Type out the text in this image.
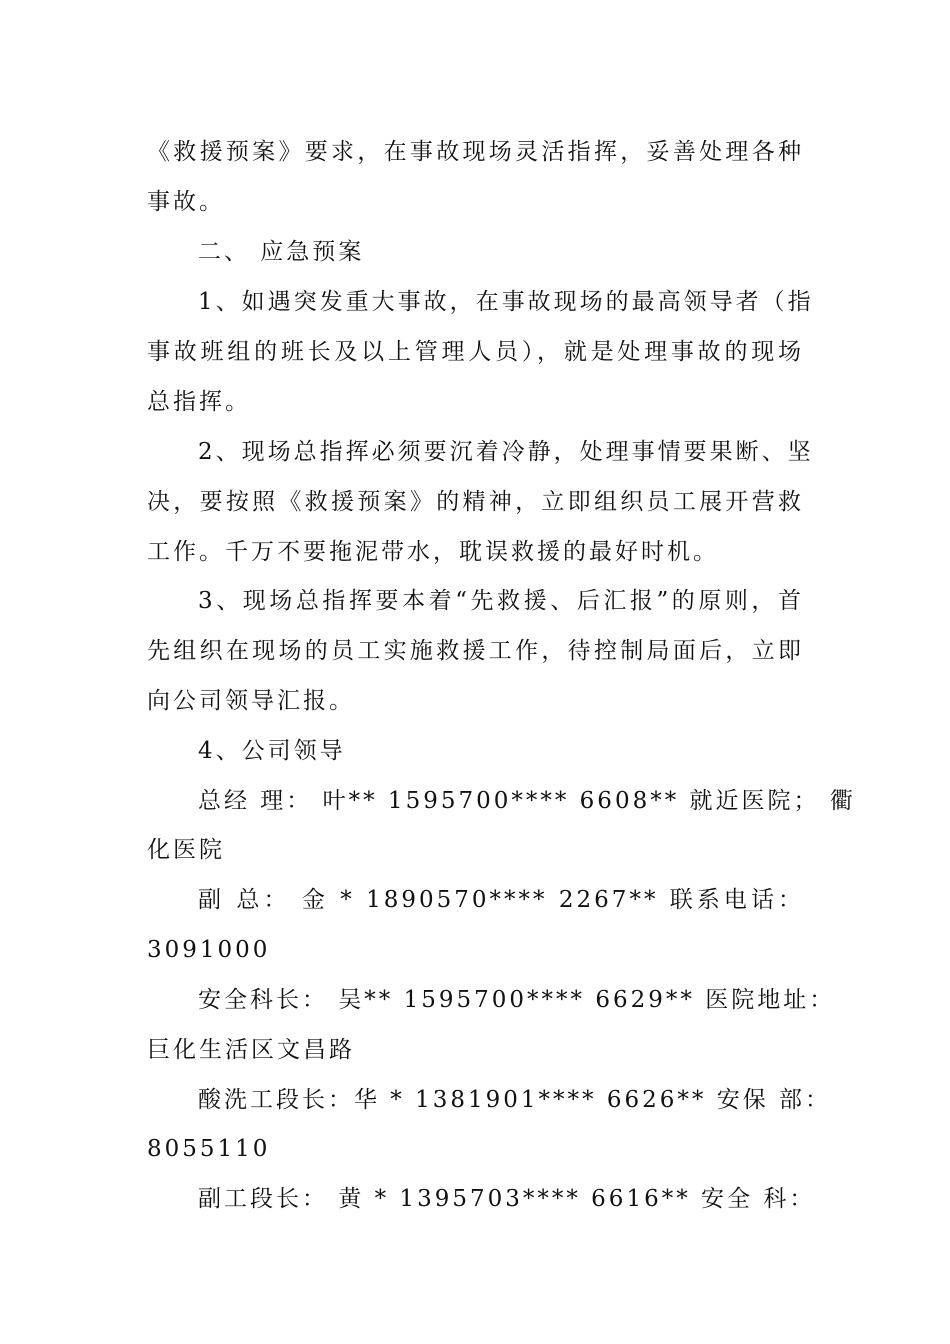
《救援预案》要求，在事故现场灵活指挥，妥善处理各种
事故。
二、 应急预案
1、如遇突发重大事故，在事故现场的最高领导者（指
事故班组的班长及以上管理人员），就是处理事故的现场
总指挥。
2、现场总指挥必须要沉着冷静，处理事情要果断、坚
决，要按照《救援预案》的精神，立即组织员工展开营救
工作。千万不要拖泥带水，耽误救援的最好时机。
3、现场总指挥要本着“先救援、后汇报”的原则，首
先组织在现场的员工实施救援工作，待控制局面后，立即
向公司领导汇报。
4、公司领导
总经 理： 叶** 1595700**** 6608** 就近医院； 衢
化医院
副 总： 金 * 1890570**** 2267** 联系电话：
3091000
安全科长： 吴** 1595700**** 6629** 医院地址：
巨化生活区文昌路
酸洗工段长：华 * 1381901**** 6626** 安保 部：
8055110
副工段长： 黄 * 1395703**** 6616** 安全 科：
